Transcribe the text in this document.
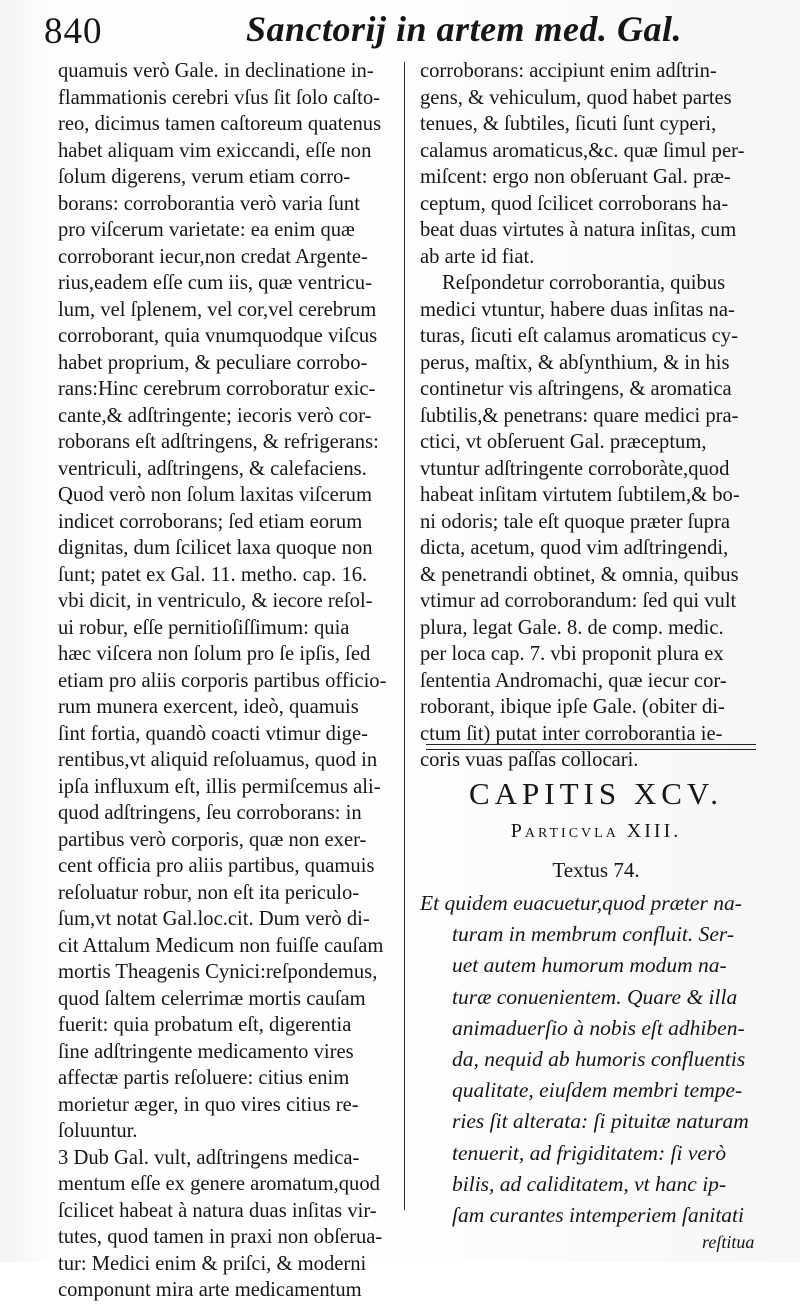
840	Sanctorij in artem med. Gal.
quamuis verò Gale. in declinatione in-
flammationis cerebri vſus ſit ſolo caſto-
reo, dicimus tamen caſtoreum quatenus
habet aliquam vim exiccandi, eſſe non
ſolum digerens, verum etiam corro-
borans: corroborantia verò varia ſunt
pro viſcerum varietate: ea enim quæ
corroborant iecur,non credat Argente-
rius,eadem eſſe cum iis, quæ ventricu-
lum, vel ſplenem, vel cor,vel cerebrum
corroborant, quia vnumquodque viſcus
habet proprium, & peculiare corrobo-
rans:Hinc cerebrum corroboratur exic-
cante,& adſtringente; iecoris verò cor-
roborans eſt adſtringens, & refrigerans:
ventriculi, adſtringens, & calefaciens.
Quod verò non ſolum laxitas viſcerum
indicet corroborans; ſed etiam eorum
dignitas, dum ſcilicet laxa quoque non
ſunt; patet ex Gal. 11. metho. cap. 16.
vbi dicit, in ventriculo, & iecore reſol-
ui robur, eſſe pernitioſiſſimum: quia
hæc viſcera non ſolum pro ſe ipſis, ſed
etiam pro aliis corporis partibus officio-
rum munera exercent, ideò, quamuis
ſint fortia, quandò coacti vtimur dige-
rentibus,vt aliquid reſoluamus, quod in
ipſa influxum eſt, illis permiſcemus ali-
quod adſtringens, ſeu corroborans: in
partibus verò corporis, quæ non exer-
cent officia pro aliis partibus, quamuis
reſoluatur robur, non eſt ita periculo-
ſum,vt notat Gal.loc.cit. Dum verò di-
cit Attalum Medicum non fuiſſe cauſam
mortis Theagenis Cynici:reſpondemus,
quod ſaltem celerrimæ mortis cauſam
fuerit: quia probatum eſt, digerentia
ſine adſtringente medicamento vires
affectæ partis reſoluere: citius enim
morietur æger, in quo vires citius re-
ſoluuntur.
3 Dub Gal. vult, adſtringens medica-
mentum eſſe ex genere aromatum,quod
ſcilicet habeat à natura duas inſitas vir-
tutes, quod tamen in praxi non obſerua-
tur: Medici enim & priſci, & moderni
componunt mira arte medicamentum
corroborans: accipiunt enim adſtrin-
gens, & vehiculum, quod habet partes
tenues, & ſubtiles, ſicuti ſunt cyperi,
calamus aromaticus,&c. quæ ſimul per-
miſcent: ergo non obſeruant Gal. præ-
ceptum, quod ſcilicet corroborans ha-
beat duas virtutes à natura inſitas, cum
ab arte id fiat.
Reſpondetur corroborantia, quibus
medici vtuntur, habere duas inſitas na-
turas, ſicuti eſt calamus aromaticus cy-
perus, maſtix, & abſynthium, & in his
continetur vis aſtringens, & aromatica
ſubtilis,& penetrans: quare medici pra-
ctici, vt obſeruent Gal. præceptum,
vtuntur adſtringente corroboràte,quod
habeat inſitam virtutem ſubtilem,& bo-
ni odoris; tale eſt quoque præter ſupra
dicta, acetum, quod vim adſtringendi,
& penetrandi obtinet, & omnia, quibus
vtimur ad corroborandum: ſed qui vult
plura, legat Gale. 8. de comp. medic.
per loca cap. 7. vbi proponit plura ex
ſententia Andromachi, quæ iecur cor-
roborant, ibique ipſe Gale. (obiter di-
ctum ſit) putat inter corroborantia ie-
coris vuas paſſas collocari.
CAPITIS XCV.
Particvla XIII.
Textus 74.
Et quidem euacuetur,quod præter na-
turam in membrum confluit. Ser-
uet autem humorum modum na-
turæ conuenientem. Quare & illa
animaduerſio à nobis eſt adhiben-
da, nequid ab humoris confluentis
qualitate, eiuſdem membri tempe-
ries ſit alterata: ſi pituitæ naturam
tenuerit, ad frigiditatem: ſi verò
bilis, ad caliditatem, vt hanc ip-
ſam curantes intemperiem ſanitati
reſtitua
